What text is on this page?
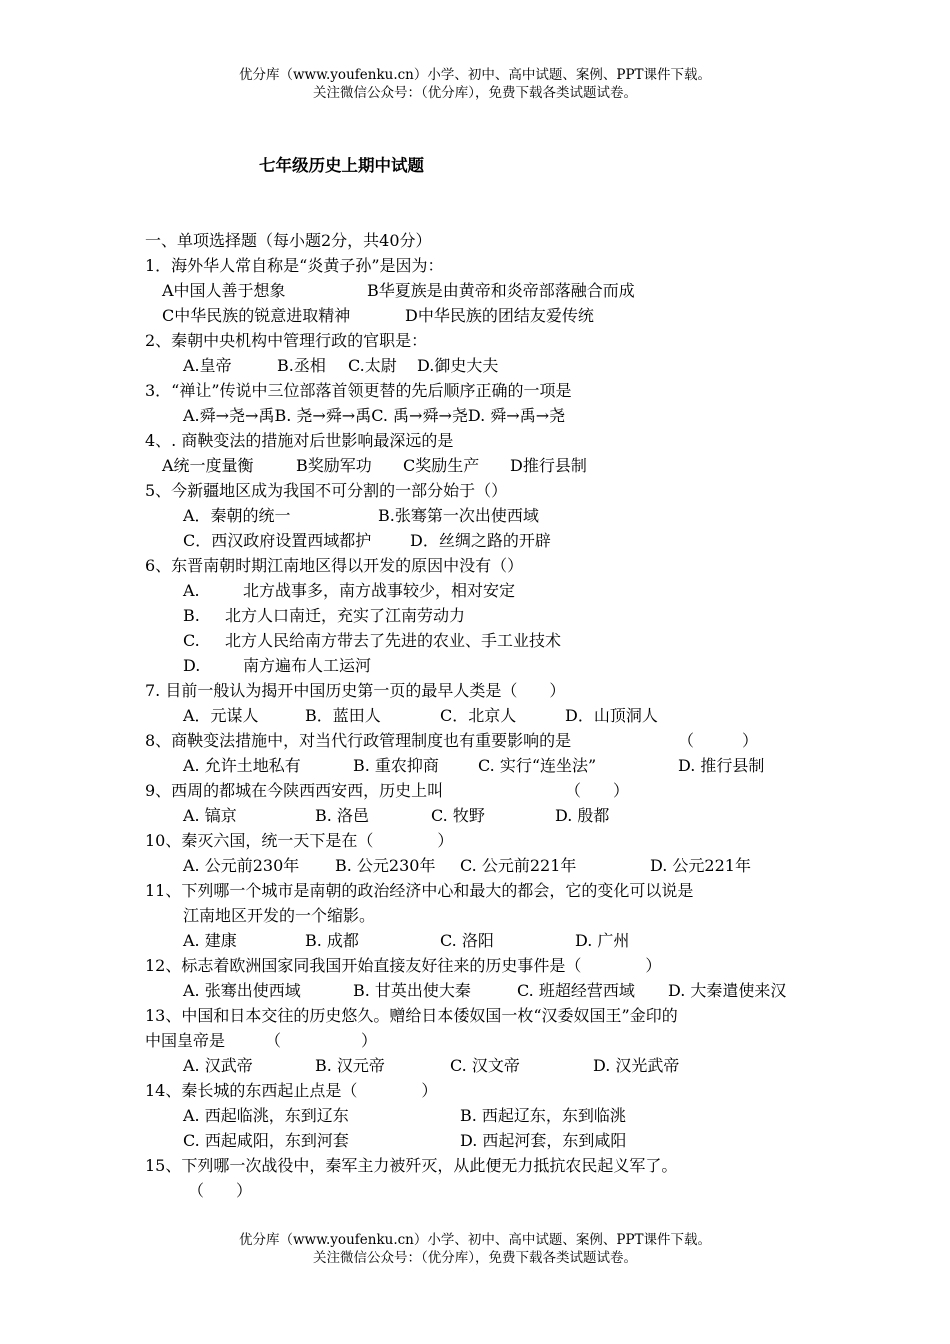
优分库（www.youfenku.cn）小学、初中、高中试题、案例、PPT课件下载。
关注微信公众号：（优分库），免费下载各类试题试卷。
七年级历史上期中试题
一、单项选择题（每小题2分，共40分）
1．海外华人常自称是“炎黄子孙”是因为：
A中国人善于想象	B华夏族是由黄帝和炎帝部落融合而成
C中华民族的锐意进取精神	D中华民族的团结友爱传统
2、秦朝中央机构中管理行政的官职是：
A.皇帝	B.丞相 C.太尉 D.御史大夫
3．“禅让”传说中三位部落首领更替的先后顺序正确的一项是
A.舜→尧→禹B. 尧→舜→禹C. 禹→舜→尧D. 舜→禹→尧
4、. 商鞅变法的措施对后世影响最深远的是
A统一度量衡	B奖励军功 C奖励生产 D推行县制
5、今新疆地区成为我国不可分割的一部分始于（）
A．秦朝的统一	B.张骞第一次出使西域
C．西汉政府设置西域都护 D．丝绸之路的开辟
6、东晋南朝时期江南地区得以开发的原因中没有（）
A.	北方战事多，南方战事较少，相对安定
B. 北方人口南迁，充实了江南劳动力
C. 北方人民给南方带去了先进的农业、手工业技术
D.	南方遍布人工运河
7. 目前一般认为揭开中国历史第一页的最早人类是（　　）
A．元谋人	B．蓝田人	C．北京人	D．山顶洞人
8、商鞅变法措施中，对当代行政管理制度也有重要影响的是	（　　　）
A. 允许土地私有	B. 重农抑商 C. 实行“连坐法”	D. 推行县制
9、西周的都城在今陕西西安西，历史上叫	（　　）
A. 镐京	B. 洛邑	C. 牧野	D. 殷都
10、秦灭六国，统一天下是在（　　　　）
A. 公元前230年 B. 公元230年 C. 公元前221年	D. 公元221年
11、下列哪一个城市是南朝的政治经济中心和最大的都会，它的变化可以说是
江南地区开发的一个缩影。
A. 建康	B. 成都	C. 洛阳	D. 广州
12、标志着欧洲国家同我国开始直接友好往来的历史事件是（　　　　）
A. 张骞出使西域	B. 甘英出使大秦	C. 班超经营西域 D. 大秦遣使来汉
13、中国和日本交往的历史悠久。赠给日本倭奴国一枚“汉委奴国王”金印的
中国皇帝是　　　（　　　　　）
A. 汉武帝	B. 汉元帝	C. 汉文帝	D. 汉光武帝
14、秦长城的东西起止点是（　　　　）
A. 西起临洮，东到辽东	B. 西起辽东，东到临洮
C. 西起咸阳，东到河套	D. 西起河套，东到咸阳
15、下列哪一次战役中，秦军主力被歼灭，从此便无力抵抗农民起义军了。
（　　）
优分库（www.youfenku.cn）小学、初中、高中试题、案例、PPT课件下载。
关注微信公众号：（优分库），免费下载各类试题试卷。
